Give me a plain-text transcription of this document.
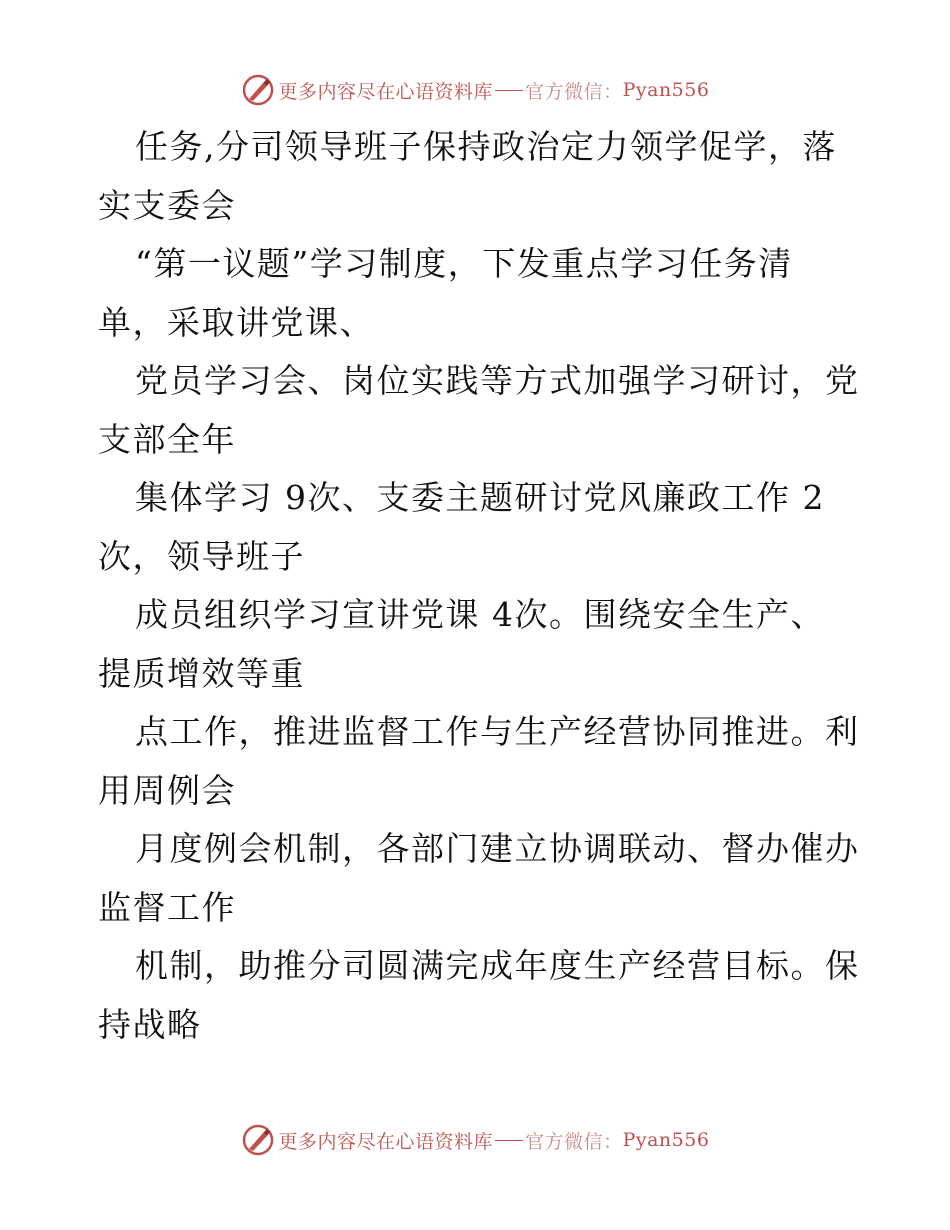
更多内容尽在心语资料库 官方微信： Pyan556
任务,分司领导班子保持政治定力领学促学，落
实支委会
“第一议题”学习制度，下发重点学习任务清
单，采取讲党课、
党员学习会、岗位实践等方式加强学习研讨，党
支部全年
集体学习 9次、支委主题研讨党风廉政工作 2
次，领导班子
成员组织学习宣讲党课 4次。围绕安全生产、
提质增效等重
点工作，推进监督工作与生产经营协同推进。利
用周例会
月度例会机制，各部门建立协调联动、督办催办
监督工作
机制，助推分司圆满完成年度生产经营目标。保
持战略
更多内容尽在心语资料库 官方微信： Pyan556
